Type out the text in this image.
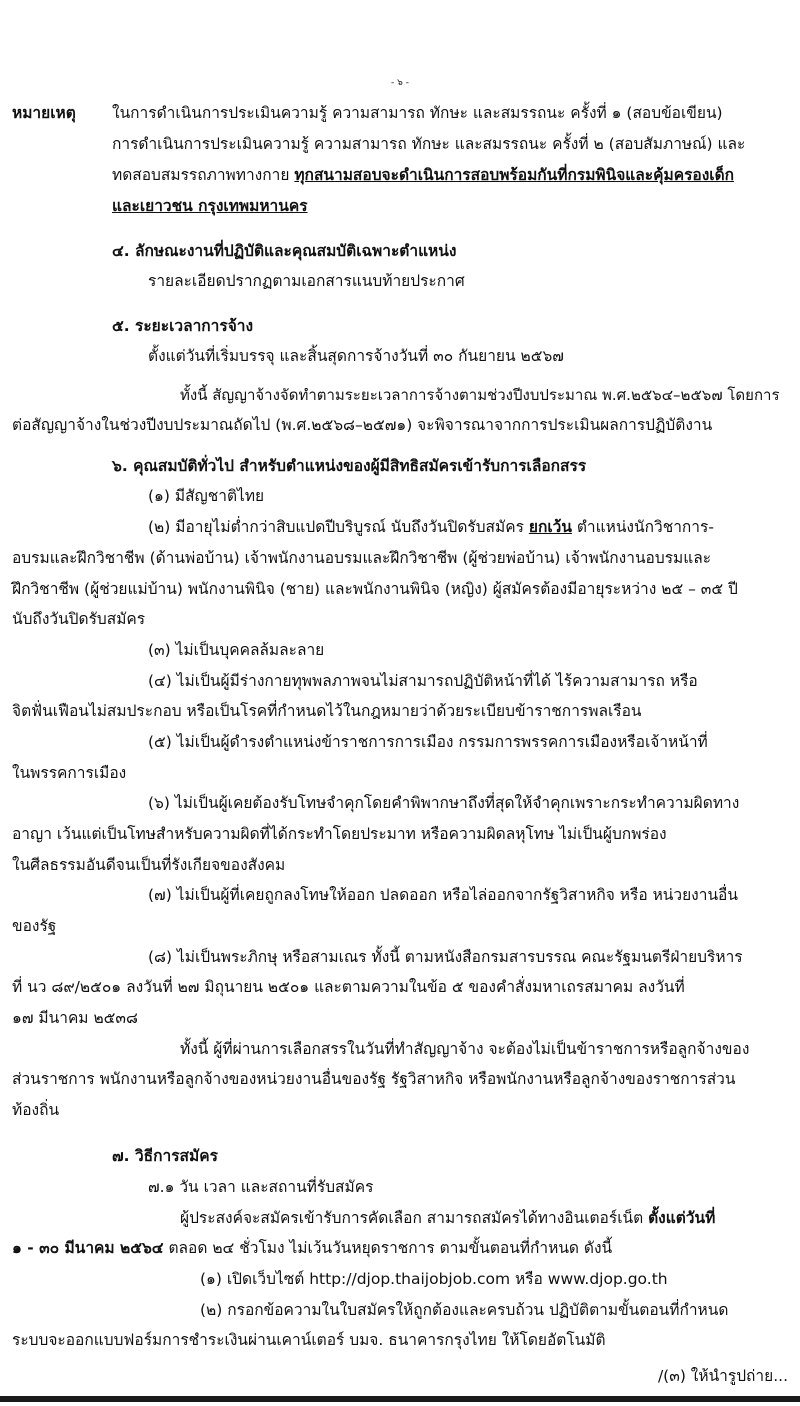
- ๖ -
หมายเหตุ ในการดำเนินการประเมินความรู้ ความสามารถ ทักษะ และสมรรถนะ ครั้งที่ ๑ (สอบข้อเขียน)
การดำเนินการประเมินความรู้ ความสามารถ ทักษะ และสมรรถนะ ครั้งที่ ๒ (สอบสัมภาษณ์) และ
ทดสอบสมรรถภาพทางกาย ทุกสนามสอบจะดำเนินการสอบพร้อมกันที่กรมพินิจและคุ้มครองเด็ก
และเยาวชน กรุงเทพมหานคร
๔. ลักษณะงานที่ปฏิบัติและคุณสมบัติเฉพาะตำแหน่ง
รายละเอียดปรากฏตามเอกสารแนบท้ายประกาศ
๕. ระยะเวลาการจ้าง
ตั้งแต่วันที่เริ่มบรรจุ และสิ้นสุดการจ้างวันที่ ๓๐ กันยายน ๒๕๖๗
ทั้งนี้ สัญญาจ้างจัดทำตามระยะเวลาการจ้างตามช่วงปีงบประมาณ พ.ศ.๒๕๖๔–๒๕๖๗ โดยการ
ต่อสัญญาจ้างในช่วงปีงบประมาณถัดไป (พ.ศ.๒๕๖๘–๒๕๗๑) จะพิจารณาจากการประเมินผลการปฏิบัติงาน
๖. คุณสมบัติทั่วไป สำหรับตำแหน่งของผู้มีสิทธิสมัครเข้ารับการเลือกสรร
(๑) มีสัญชาติไทย
(๒) มีอายุไม่ต่ำกว่าสิบแปดปีบริบูรณ์ นับถึงวันปิดรับสมัคร ยกเว้น ตำแหน่งนักวิชาการ-
อบรมและฝึกวิชาชีพ (ด้านพ่อบ้าน) เจ้าพนักงานอบรมและฝึกวิชาชีพ (ผู้ช่วยพ่อบ้าน) เจ้าพนักงานอบรมและ
ฝึกวิชาชีพ (ผู้ช่วยแม่บ้าน) พนักงานพินิจ (ชาย) และพนักงานพินิจ (หญิง) ผู้สมัครต้องมีอายุระหว่าง ๒๕ – ๓๕ ปี
นับถึงวันปิดรับสมัคร
(๓) ไม่เป็นบุคคลล้มละลาย
(๔) ไม่เป็นผู้มีร่างกายทุพพลภาพจนไม่สามารถปฏิบัติหน้าที่ได้ ไร้ความสามารถ หรือ
จิตฟั่นเฟือนไม่สมประกอบ หรือเป็นโรคที่กำหนดไว้ในกฎหมายว่าด้วยระเบียบข้าราชการพลเรือน
(๕) ไม่เป็นผู้ดำรงตำแหน่งข้าราชการการเมือง กรรมการพรรคการเมืองหรือเจ้าหน้าที่
ในพรรคการเมือง
(๖) ไม่เป็นผู้เคยต้องรับโทษจำคุกโดยคำพิพากษาถึงที่สุดให้จำคุกเพราะกระทำความผิดทาง
อาญา เว้นแต่เป็นโทษสำหรับความผิดที่ได้กระทำโดยประมาท หรือความผิดลหุโทษ ไม่เป็นผู้บกพร่อง
ในศีลธรรมอันดีจนเป็นที่รังเกียจของสังคม
(๗) ไม่เป็นผู้ที่เคยถูกลงโทษให้ออก ปลดออก หรือไล่ออกจากรัฐวิสาหกิจ หรือ หน่วยงานอื่น
ของรัฐ
(๘) ไม่เป็นพระภิกษุ หรือสามเณร ทั้งนี้ ตามหนังสือกรมสารบรรณ คณะรัฐมนตรีฝ่ายบริหาร
ที่ นว ๘๙/๒๕๐๑ ลงวันที่ ๒๗ มิถุนายน ๒๕๐๑ และตามความในข้อ ๕ ของคำสั่งมหาเถรสมาคม ลงวันที่
๑๗ มีนาคม ๒๕๓๘
ทั้งนี้ ผู้ที่ผ่านการเลือกสรรในวันที่ทำสัญญาจ้าง จะต้องไม่เป็นข้าราชการหรือลูกจ้างของ
ส่วนราชการ พนักงานหรือลูกจ้างของหน่วยงานอื่นของรัฐ รัฐวิสาหกิจ หรือพนักงานหรือลูกจ้างของราชการส่วน
ท้องถิ่น
๗. วิธีการสมัคร
๗.๑ วัน เวลา และสถานที่รับสมัคร
ผู้ประสงค์จะสมัครเข้ารับการคัดเลือก สามารถสมัครได้ทางอินเตอร์เน็ต ตั้งแต่วันที่
๑ - ๓๐ มีนาคม ๒๕๖๔ ตลอด ๒๔ ชั่วโมง ไม่เว้นวันหยุดราชการ ตามขั้นตอนที่กำหนด ดังนี้
(๑) เปิดเว็บไซต์ http://djop.thaijobjob.com หรือ www.djop.go.th
(๒) กรอกข้อความในใบสมัครให้ถูกต้องและครบถ้วน ปฏิบัติตามขั้นตอนที่กำหนด
ระบบจะออกแบบฟอร์มการชำระเงินผ่านเคาน์เตอร์ บมจ. ธนาคารกรุงไทย ให้โดยอัตโนมัติ
/(๓) ให้นำรูปถ่าย...
